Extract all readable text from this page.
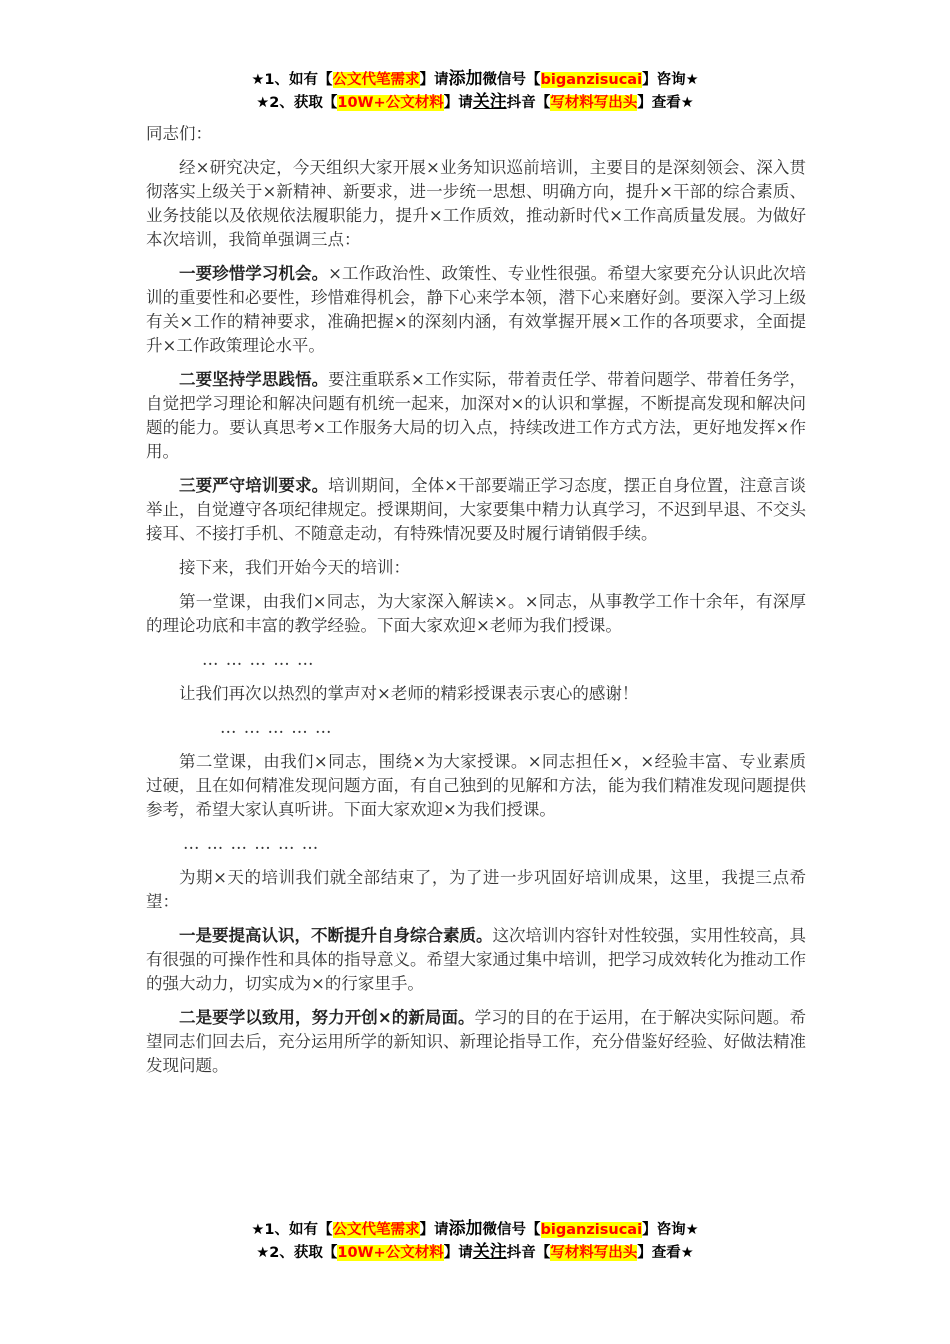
★1、如有【公文代笔需求】请添加微信号【biganzisucai】咨询★
★2、获取【10W+公文材料】请关注抖音【写材料写出头】查看★

同志们：

经×研究决定，今天组织大家开展×业务知识巡前培训，主要目的是深刻领会、深入贯彻落实上级关于×新精神、新要求，进一步统一思想、明确方向，提升×干部的综合素质、业务技能以及依规依法履职能力，提升×工作质效，推动新时代×工作高质量发展。为做好本次培训，我简单强调三点：

一要珍惜学习机会。×工作政治性、政策性、专业性很强。希望大家要充分认识此次培训的重要性和必要性，珍惜难得机会，静下心来学本领，潜下心来磨好剑。要深入学习上级有关×工作的精神要求，准确把握×的深刻内涵，有效掌握开展×工作的各项要求，全面提升×工作政策理论水平。

二要坚持学思践悟。要注重联系×工作实际，带着责任学、带着问题学、带着任务学，自觉把学习理论和解决问题有机统一起来，加深对×的认识和掌握，不断提高发现和解决问题的能力。要认真思考×工作服务大局的切入点，持续改进工作方式方法，更好地发挥×作用。

三要严守培训要求。培训期间，全体×干部要端正学习态度，摆正自身位置，注意言谈举止，自觉遵守各项纪律规定。授课期间，大家要集中精力认真学习，不迟到早退、不交头接耳、不接打手机、不随意走动，有特殊情况要及时履行请销假手续。

接下来，我们开始今天的培训：

第一堂课，由我们×同志，为大家深入解读×。×同志，从事教学工作十余年，有深厚的理论功底和丰富的教学经验。下面大家欢迎×老师为我们授课。

… … … … …

让我们再次以热烈的掌声对×老师的精彩授课表示衷心的感谢！

… … … … …

第二堂课，由我们×同志，围绕×为大家授课。×同志担任×，×经验丰富、专业素质过硬，且在如何精准发现问题方面，有自己独到的见解和方法，能为我们精准发现问题提供参考，希望大家认真听讲。下面大家欢迎×为我们授课。

… … … … … …

为期×天的培训我们就全部结束了，为了进一步巩固好培训成果，这里，我提三点希望：

一是要提高认识，不断提升自身综合素质。这次培训内容针对性较强，实用性较高，具有很强的可操作性和具体的指导意义。希望大家通过集中培训，把学习成效转化为推动工作的强大动力，切实成为×的行家里手。

二是要学以致用，努力开创×的新局面。学习的目的在于运用，在于解决实际问题。希望同志们回去后，充分运用所学的新知识、新理论指导工作，充分借鉴好经验、好做法精准发现问题。

★1、如有【公文代笔需求】请添加微信号【biganzisucai】咨询★
★2、获取【10W+公文材料】请关注抖音【写材料写出头】查看★
